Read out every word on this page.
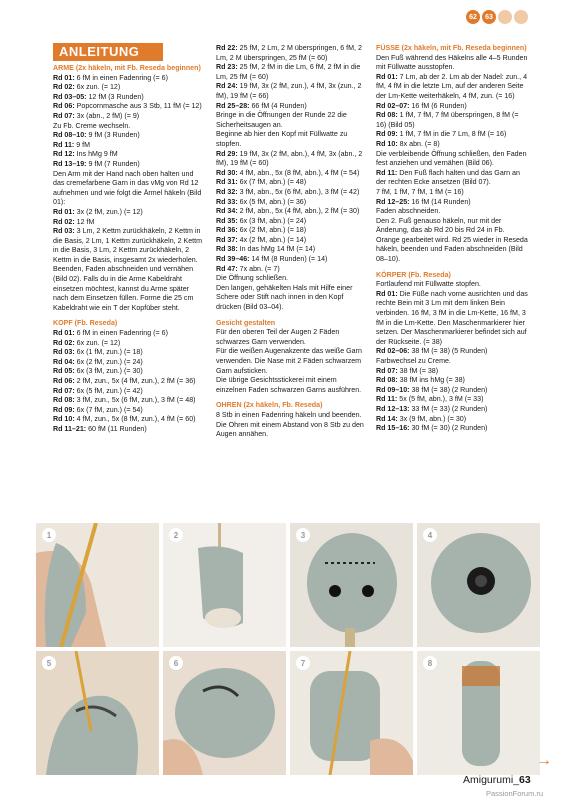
62	63
ANLEITUNG

ARME (2x häkeln, mit Fb. Reseda beginnen)

Rd 01: 6 fM in einen Fadenring (= 6)

Rd 02: 6x zun. (= 12)

Rd 03–05: 12 fM (3 Runden)

Rd 06: Popcornmasche aus 3 Stb, 11 fM (= 12)

Rd 07: 3x (abn., 2 fM) (= 9)

Zu Fb. Creme wechseln.

Rd 08–10: 9 fM (3 Runden)

Rd 11: 9 fM

Rd 12: Ins hMg 9 fM

Rd 13–19: 9 fM (7 Runden)

Den Arm mit der Hand nach oben halten und das cremefarbene Garn in das vMg von Rd 12 aufnehmen und wie folgt die Ärmel häkeln (Bild 01):

Rd 01: 3x (2 fM, zun.) (= 12)

Rd 02: 12 fM

Rd 03: 3 Lm, 2 Kettm zurückhäkeln, 2 Kettm in die Basis, 2 Lm, 1 Kettm zurückhäkeln, 2 Kettm in die Basis, 3 Lm, 2 Kettm zurückhäkeln, 2 Kettm in die Basis, insgesamt 2x wiederholen.

Beenden, Faden abschneiden und vernähen (Bild 02). Falls du in die Arme Kabeldraht einsetzen möchtest, kannst du Arme später nach dem Einsetzen füllen. Forme die 25 cm Kabeldraht wie ein T der Kopfüber steht.

KOPF (Fb. Reseda)

Rd 01: 6 fM in einen Fadenring (= 6)

Rd 02: 6x zun. (= 12)

Rd 03: 6x (1 fM, zun.) (= 18)

Rd 04: 6x (2 fM, zun.) (= 24)

Rd 05: 6x (3 fM, zun.) (= 30)

Rd 06: 2 fM, zun., 5x (4 fM, zun.), 2 fM (= 36)

Rd 07: 6x (5 fM, zun.) (= 42)

Rd 08: 3 fM, zun., 5x (6 fM, zun.), 3 fM (= 48)

Rd 09: 6x (7 fM, zun.) (= 54)

Rd 10: 4 fM, zun., 5x (8 fM, zun.), 4 fM (= 60)

Rd 11–21: 60 fM (11 Runden)

Rd 22: 25 fM, 2 Lm, 2 M überspringen, 6 fM, 2 Lm, 2 M überspringen, 25 fM (= 60)

Rd 23: 25 fM, 2 fM in die Lm, 6 fM, 2 fM in die Lm, 25 fM (= 60)

Rd 24: 19 fM, 3x (2 fM, zun.), 4 fM, 3x (zun., 2 fM), 19 fM (= 66)

Rd 25–28: 66 fM (4 Runden)

Bringe in die Öffnungen der Runde 22 die Sicherheitsaugen an.

Beginne ab hier den Kopf mit Füllwatte zu stopfen.

Rd 29: 19 fM, 3x (2 fM, abn.), 4 fM, 3x (abn., 2 fM), 19 fM (= 60)

Rd 30: 4 fM, abn., 5x (8 fM, abn.), 4 fM (= 54)

Rd 31: 6x (7 fM, abn.) (= 48)

Rd 32: 3 fM, abn., 5x (6 fM, abn.), 3 fM (= 42)

Rd 33: 6x (5 fM, abn.) (= 36)

Rd 34: 2 fM, abn., 5x (4 fM, abn.), 2 fM (= 30)

Rd 35: 6x (3 fM, abn.) (= 24)

Rd 36: 6x (2 fM, abn.) (= 18)

Rd 37: 4x (2 fM, abn.) (= 14)

Rd 38: In das hMg 14 fM (= 14)

Rd 39–46: 14 fM (8 Runden) (= 14)

Rd 47: 7x abn. (= 7)

Die Öffnung schließen.

Den langen, gehäkelten Hals mit Hilfe einer Schere oder Stift nach innen in den Kopf drücken (Bild 03–04).

Gesicht gestalten

Für den oberen Teil der Augen 2 Fäden schwarzes Garn verwenden.

Für die weißen Augenakzente das weiße Garn verwenden. Die Nase mit 2 Fäden schwarzem Garn aufsticken.

Die übrige Gesichtsstickerei mit einem einzelnen Faden schwarzen Garns ausführen.

OHREN (2x häkeln, Fb. Reseda)

8 Stb in einen Fadenring häkeln und beenden. Die Ohren mit einem Abstand von 8 Stb zu den Augen annähen.

FÜSSE (2x häkeln, mit Fb. Reseda beginnen)

Den Fuß während des Häkelns alle 4–5 Runden mit Füllwatte ausstopfen.

Rd 01: 7 Lm, ab der 2. Lm ab der Nadel: zun., 4 fM, 4 fM in die letzte Lm, auf der anderen Seite der Lm-Kette weiterhäkeln, 4 fM, zun. (= 16)

Rd 02–07: 16 fM (6 Runden)

Rd 08: 1 fM, 7 fM, 7 fM überspringen, 8 fM (= 16) (Bild 05)

Rd 09: 1 fM, 7 fM in die 7 Lm, 8 fM (= 16)

Rd 10: 8x abn. (= 8)

Die verbleibende Öffnung schließen, den Faden fest anziehen und vernähen (Bild 06).

Rd 11: Den Fuß flach halten und das Garn an der rechten Ecke ansetzen (Bild 07).

7 fM, 1 fM, 7 fM, 1 fM (= 16)

Rd 12–25: 16 fM (14 Runden)

Faden abschneiden.

Den 2. Fuß genauso häkeln, nur mit der Änderung, das ab Rd 20 bis Rd 24 in Fb. Orange gearbeitet wird. Rd 25 wieder in Reseda häkeln, beenden und Faden abschneiden (Bild 08–10).

KÖRPER (Fb. Reseda)

Fortlaufend mit Füllwatte stopfen.

Rd 01: Die Füße nach vorne ausrichten und das rechte Bein mit 3 Lm mit dem linken Bein verbinden. 16 fM, 3 fM in die Lm-Kette, 16 fM, 3 fM in die Lm-Kette. Den Maschenmarkierer hier setzen. Der Maschenmarkierer befindet sich auf der Rückseite. (= 38)

Rd 02–06: 38 fM (= 38) (5 Runden)

Farbwechsel zu Creme.

Rd 07: 38 fM (= 38)

Rd 08: 38 fM ins hMg (= 38)

Rd 09–10: 38 fM (= 38) (2 Runden)

Rd 11: 5x (5 fM, abn.), 3 fM (= 33)

Rd 12–13: 33 fM (= 33) (2 Runden)

Rd 14: 3x (9 fM, abn.) (= 30)

Rd 15–16: 30 fM (= 30) (2 Runden)

1	2	3	4
5	6	7	8
→
Amigurumi_63
PassionForum.ru
